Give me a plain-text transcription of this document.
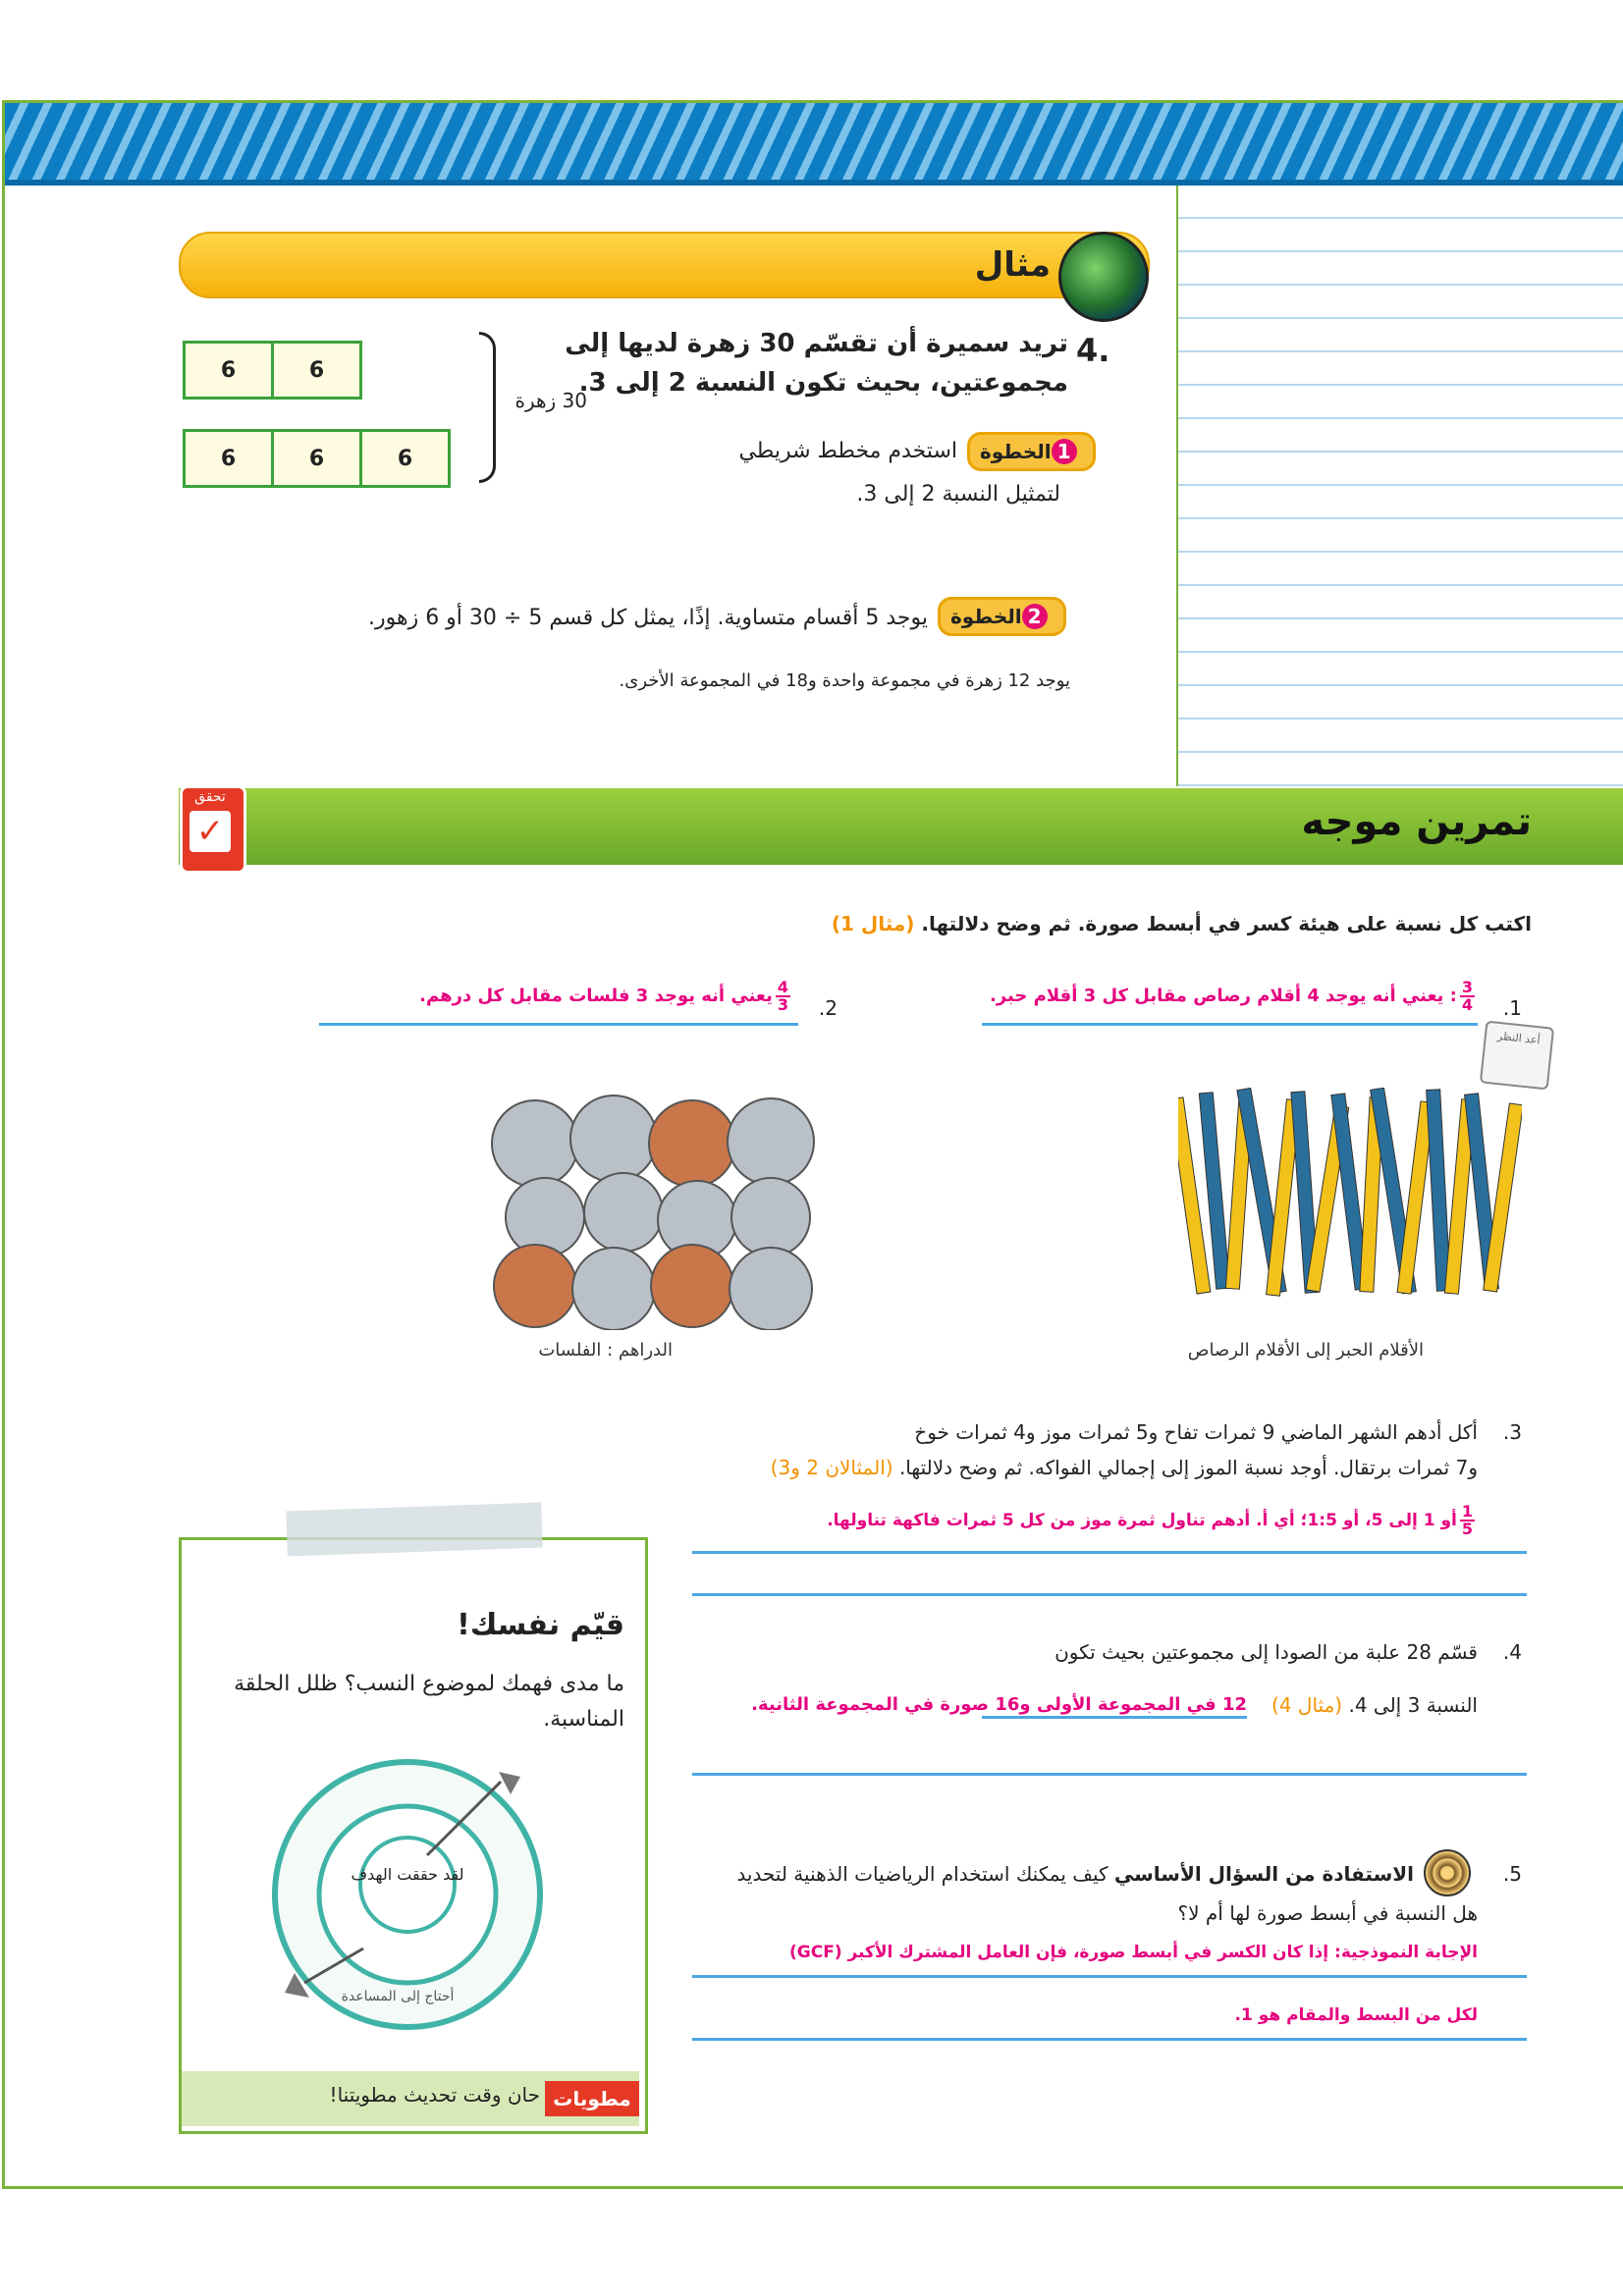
مثال
4.
تريد سميرة أن تقسّم 30 زهرة لديها إلى مجموعتين، بحيث تكون النسبة 2 إلى 3.
30 زهرة
6	6
6	6	6	1الخطوة
استخدم مخطط شريطي
لتمثيل النسبة 2 إلى 3.
2الخطوة
يوجد 5 أقسام متساوية. إذًا، يمثل كل قسم 5 ÷ 30 أو 6 زهور.
يوجد 12 زهرة في مجموعة واحدة و18 في المجموعة الأخرى.
تمرين موجه
تحقق
✓
اكتب كل نسبة على هيئة كسر في أبسط صورة. ثم وضح دلالتها. (مثال 1)
1.
$\frac{3}{4}$
: يعني أنه يوجد 4 أقلام رصاص مقابل كل 3 أقلام حبر.
أعد النظر
2.
$\frac{4}{3}$
يعني أنه يوجد 3 فلسات مقابل كل درهم.
الأقلام الحبر إلى الأقلام الرصاص
الدراهم : الفلسات
3.
أكل أدهم الشهر الماضي 9 ثمرات تفاح و5 ثمرات موز و4 ثمرات خوخ
و7 ثمرات برتقال. أوجد نسبة الموز إلى إجمالي الفواكه. ثم وضح دلالتها. (المثالان 2 و3)
$\frac{1}{5}$
أو 1 إلى 5، أو 1:5؛ أي أ. أدهم تناول ثمرة موز من كل 5 ثمرات فاكهة تناولها.
4.
قسّم 28 علبة من الصودا إلى مجموعتين بحيث تكون
النسبة 3 إلى 4. (مثال 4)
12 في المجموعة الأولى و16 صورة في المجموعة الثانية.
5.
الاستفادة من السؤال الأساسي كيف يمكنك استخدام الرياضيات الذهنية لتحديد
هل النسبة في أبسط صورة لها أم لا؟
الإجابة النموذجية: إذا كان الكسر في أبسط صورة، فإن العامل المشترك الأكبر (GCF)
لكل من البسط والمقام هو 1.
قيّم نفسك!
ما مدى فهمك لموضوع النسب؟ ظلل الحلقة المناسبة.
لقد حققت الهدف
أحتاج إلى المساعدة
مطويات
حان وقت تحديث مطويتنا!
